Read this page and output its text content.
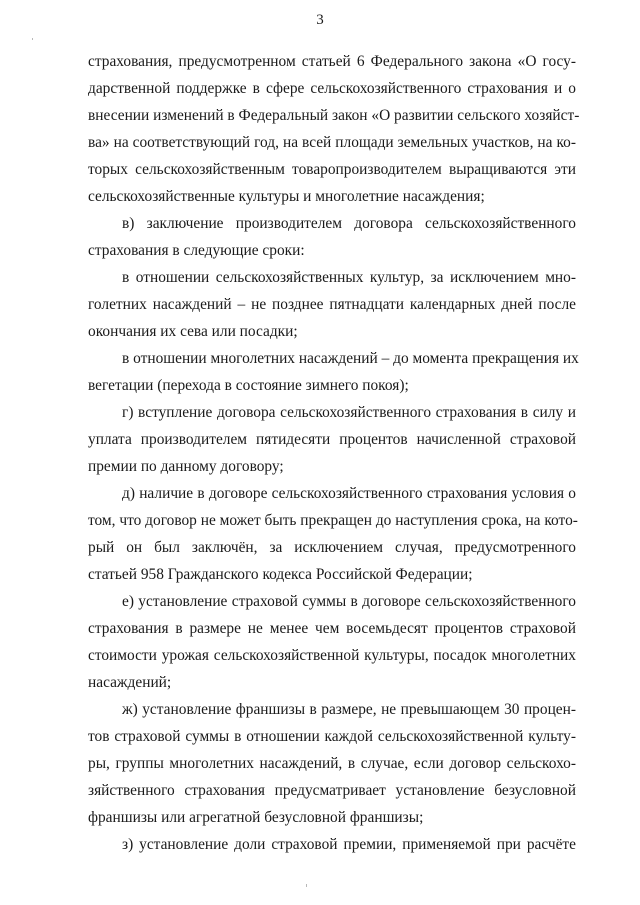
3
страхования, предусмотренном статьей 6 Федерального закона «О госу-
дарственной поддержке в сфере сельскохозяйственного страхования и о
внесении изменений в Федеральный закон «О развитии сельского хозяйст-
ва» на соответствующий год, на всей площади земельных участков, на ко-
торых сельскохозяйственным товаропроизводителем выращиваются эти
сельскохозяйственные культуры и многолетние насаждения;
в) заключение производителем договора сельскохозяйственного
страхования в следующие сроки:
в отношении сельскохозяйственных культур, за исключением мно-
голетних насаждений – не позднее пятнадцати календарных дней после
окончания их сева или посадки;
в отношении многолетних насаждений – до момента прекращения их
вегетации (перехода в состояние зимнего покоя);
г) вступление договора сельскохозяйственного страхования в силу и
уплата производителем пятидесяти процентов начисленной страховой
премии по данному договору;
д) наличие в договоре сельскохозяйственного страхования условия о
том, что договор не может быть прекращен до наступления срока, на кото-
рый он был заключён, за исключением случая, предусмотренного
статьей 958 Гражданского кодекса Российской Федерации;
е) установление страховой суммы в договоре сельскохозяйственного
страхования в размере не менее чем восемьдесят процентов страховой
стоимости урожая сельскохозяйственной культуры, посадок многолетних
насаждений;
ж) установление франшизы в размере, не превышающем 30 процен-
тов страховой суммы в отношении каждой сельскохозяйственной культу-
ры, группы многолетних насаждений, в случае, если договор сельскохо-
зяйственного страхования предусматривает установление безусловной
франшизы или агрегатной безусловной франшизы;
з) установление доли страховой премии, применяемой при расчёте
